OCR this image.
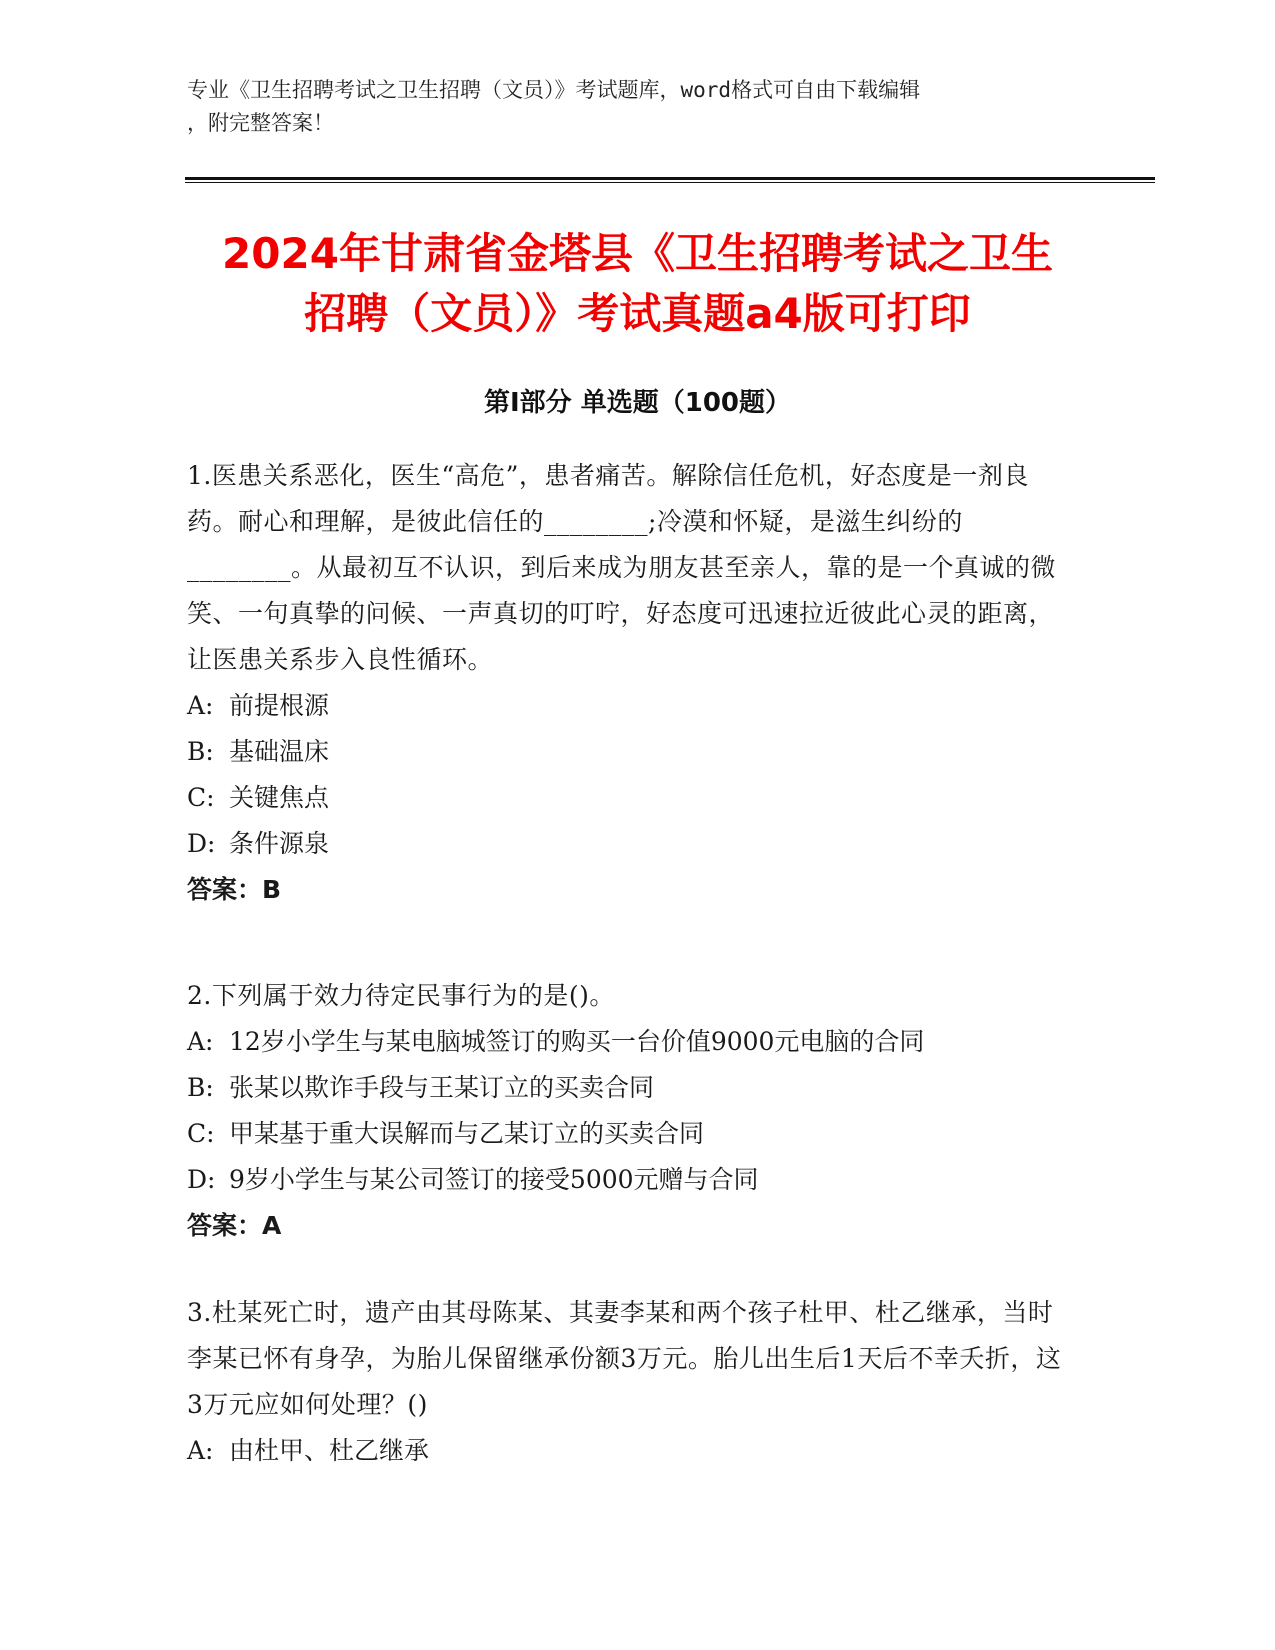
专业《卫生招聘考试之卫生招聘（文员）》考试题库，word格式可自由下载编辑
，附完整答案！
2024年甘肃省金塔县《卫生招聘考试之卫生
招聘（文员）》考试真题a4版可打印
第Ⅰ部分 单选题（100题）
1.医患关系恶化，医生“高危”，患者痛苦。解除信任危机，好态度是一剂良药。耐心和理解，是彼此信任的________;冷漠和怀疑，是滋生纠纷的________。从最初互不认识，到后来成为朋友甚至亲人，靠的是一个真诚的微笑、一句真挚的问候、一声真切的叮咛，好态度可迅速拉近彼此心灵的距离，让医患关系步入良性循环。
A: 前提根源
B: 基础温床
C: 关键焦点
D: 条件源泉
答案：B
2.下列属于效力待定民事行为的是()。
A: 12岁小学生与某电脑城签订的购买一台价值9000元电脑的合同
B: 张某以欺诈手段与王某订立的买卖合同
C: 甲某基于重大误解而与乙某订立的买卖合同
D: 9岁小学生与某公司签订的接受5000元赠与合同
答案：A
3.杜某死亡时，遗产由其母陈某、其妻李某和两个孩子杜甲、杜乙继承，当时李某已怀有身孕，为胎儿保留继承份额3万元。胎儿出生后1天后不幸夭折，这3万元应如何处理？()
A: 由杜甲、杜乙继承
